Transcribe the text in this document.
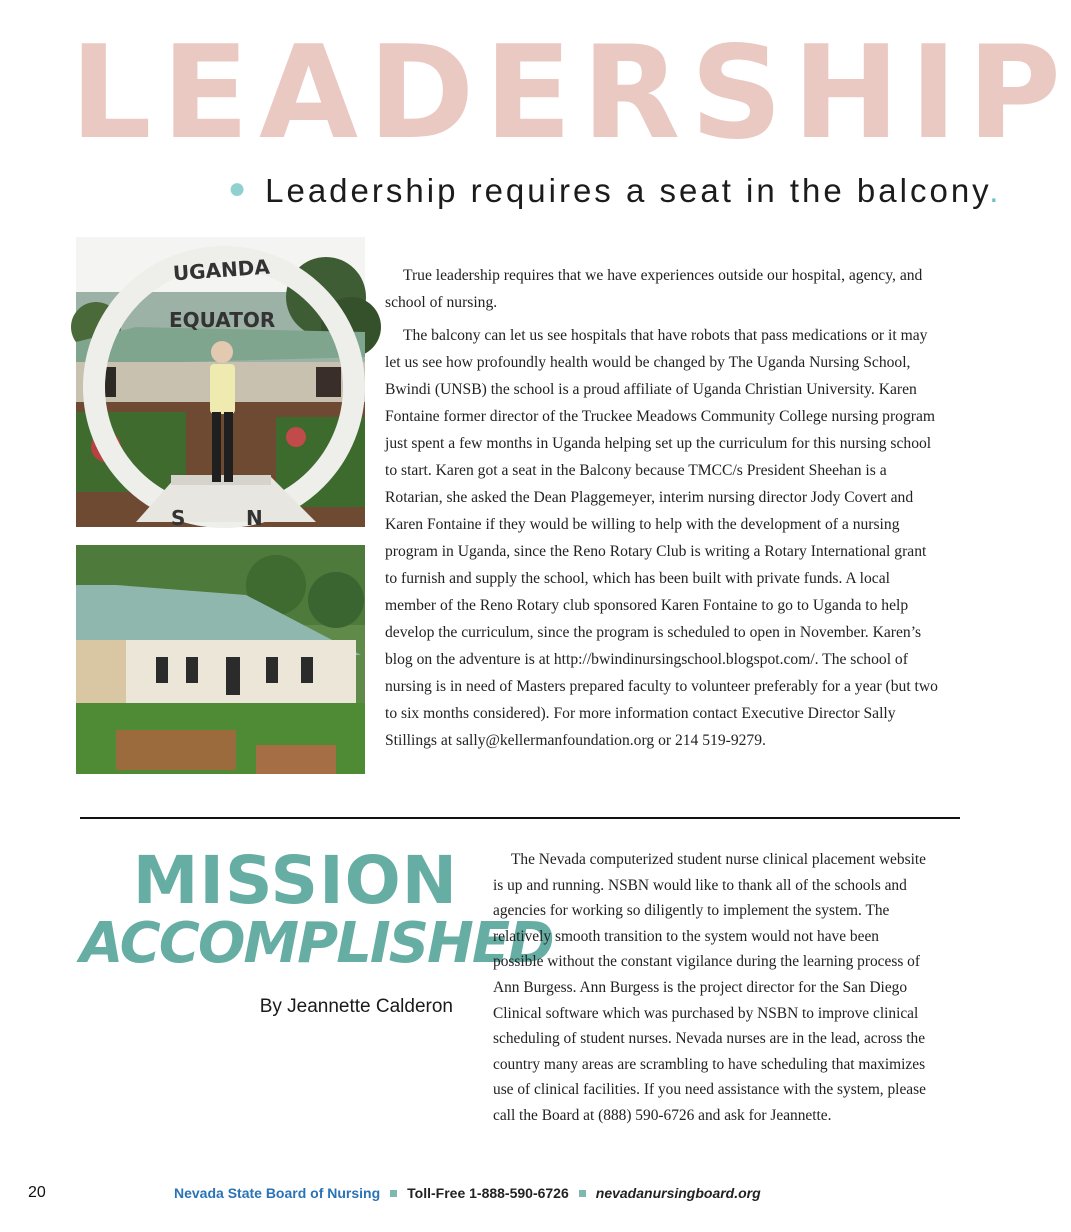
LEADERSHIP
● Leadership requires a seat in the balcony.
UGANDA
EQUATOR
S	N

True leadership requires that we have experiences outside our hospital, agency, and school of nursing.

The balcony can let us see hospitals that have robots that pass medications or it may let us see how profoundly health would be changed by The Uganda Nursing School, Bwindi (UNSB) the school is a proud affiliate of Uganda Christian University. Karen Fontaine former director of the Truckee Meadows Community College nursing program just spent a few months in Uganda helping set up the curriculum for this nursing school to start. Karen got a seat in the Balcony because TMCC/s President Sheehan is a Rotarian, she asked the Dean Plaggemeyer, interim nursing director Jody Covert and Karen Fontaine if they would be willing to help with the development of a nursing program in Uganda, since the Reno Rotary Club is writing a Rotary International grant to furnish and supply the school, which has been built with private funds. A local member of the Reno Rotary club sponsored Karen Fontaine to go to Uganda to help develop the curriculum, since the program is scheduled to open in November. Karen’s blog on the adventure is at http://bwindinursingschool.blogspot.com/. The school of nursing is in need of Masters prepared faculty to volunteer preferably for a year (but two to six months considered). For more information contact Executive Director Sally Stillings at sally@kellermanfoundation.org or 214 519-9279.

MISSION
ACCOMPLISHED
By Jeannette Calderon

The Nevada computerized student nurse clinical placement website is up and running. NSBN would like to thank all of the schools and agencies for working so diligently to implement the system. The relatively smooth transition to the system would not have been possible without the constant vigilance during the learning process of Ann Burgess. Ann Burgess is the project director for the San Diego Clinical software which was purchased by NSBN to improve clinical scheduling of student nurses. Nevada nurses are in the lead, across the country many areas are scrambling to have scheduling that maximizes use of clinical facilities. If you need assistance with the system, please call the Board at (888) 590-6726 and ask for Jeannette.

20	Nevada State Board of Nursing Toll-Free 1-888-590-6726 nevadanursingboard.org
